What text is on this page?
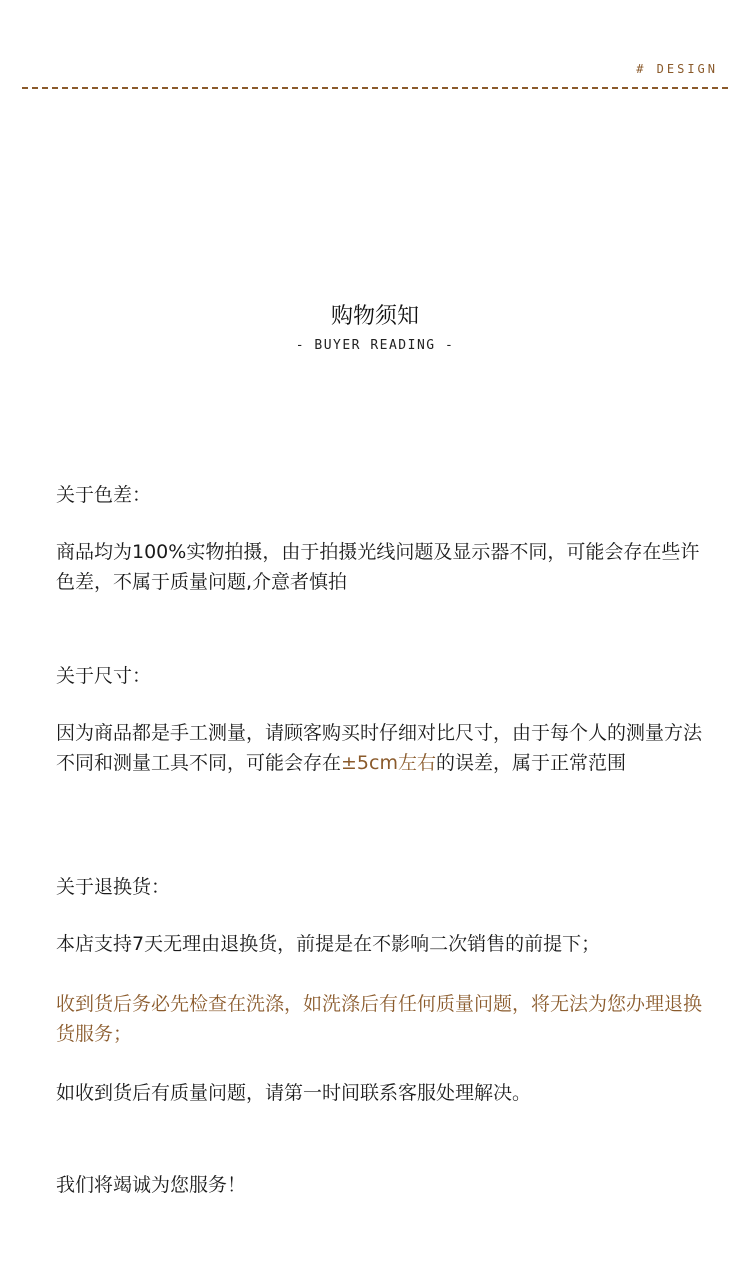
# DESIGN
购物须知
- BUYER READING -

关于色差：

商品均为100%实物拍摄，由于拍摄光线问题及显示器不同，可能会存在些许色差，不属于质量问题,介意者慎拍

关于尺寸：

因为商品都是手工测量，请顾客购买时仔细对比尺寸，由于每个人的测量方法不同和测量工具不同，可能会存在±5cm左右的误差，属于正常范围

关于退换货：

本店支持7天无理由退换货，前提是在不影响二次销售的前提下；

收到货后务必先检查在洗涤，如洗涤后有任何质量问题，将无法为您办理退换货服务；

如收到货后有质量问题，请第一时间联系客服处理解决。

我们将竭诚为您服务！
